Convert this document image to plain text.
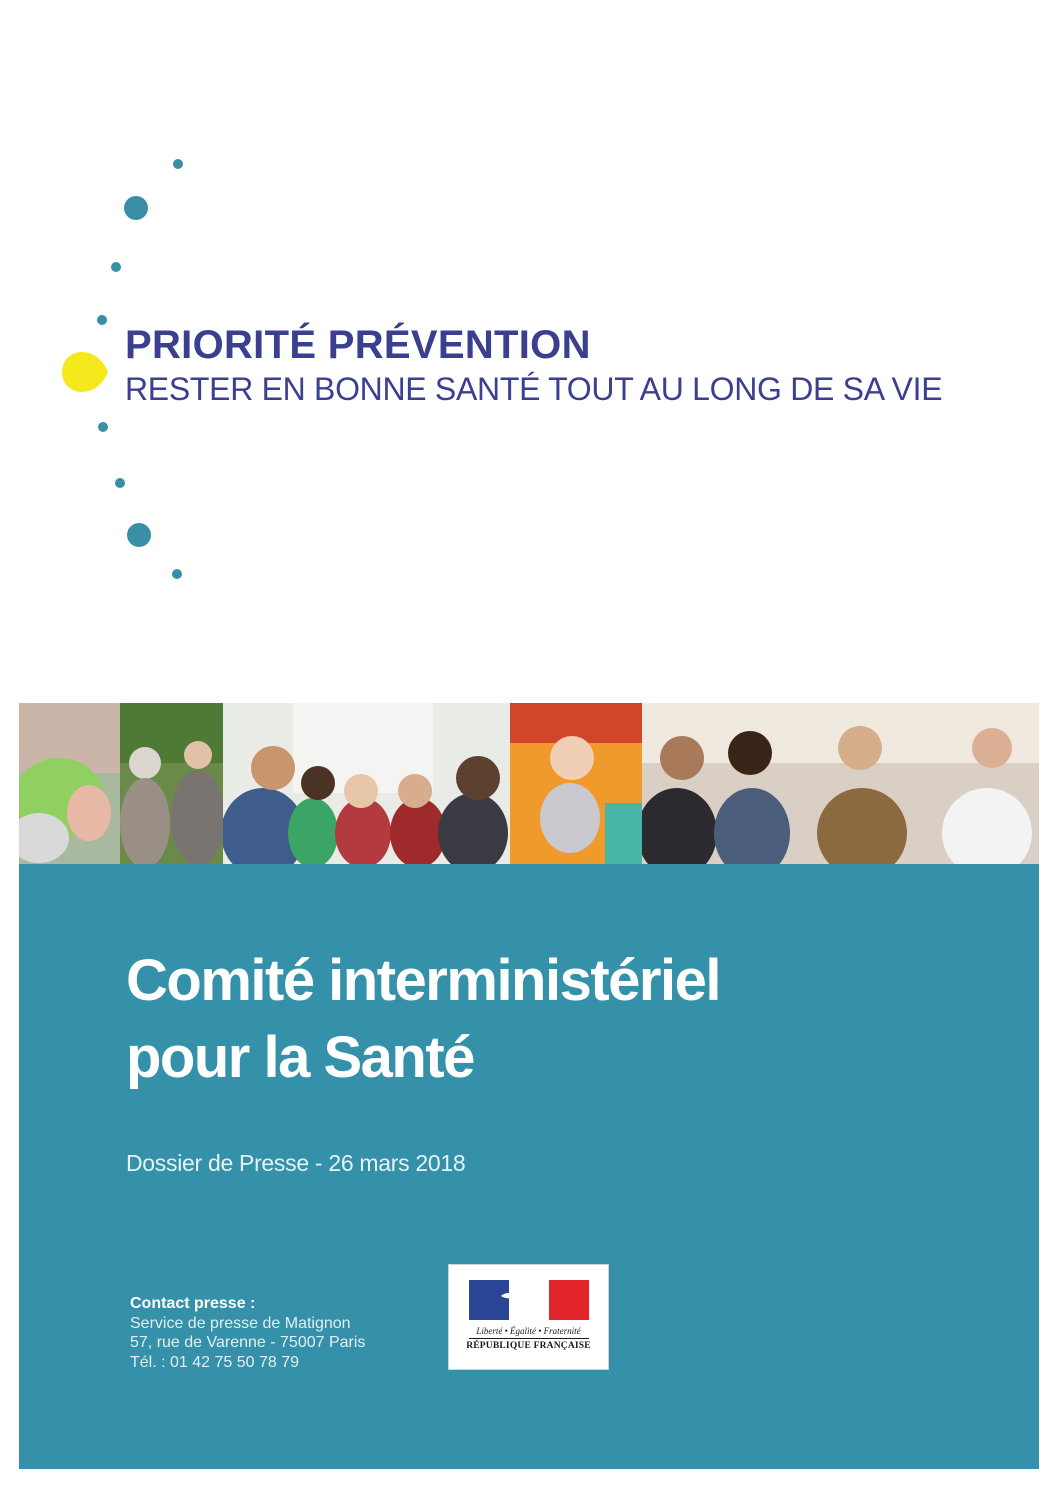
PRIORITÉ PRÉVENTION
RESTER EN BONNE SANTÉ TOUT AU LONG DE SA VIE
Comité interministériel
pour la Santé
Dossier de Presse - 26 mars 2018
Contact presse :
Service de presse de Matignon
57, rue de Varenne - 75007 Paris
Tél. : 01 42 75 50 78 79
Liberté • Égalité • Fraternité
RÉPUBLIQUE FRANÇAISE
